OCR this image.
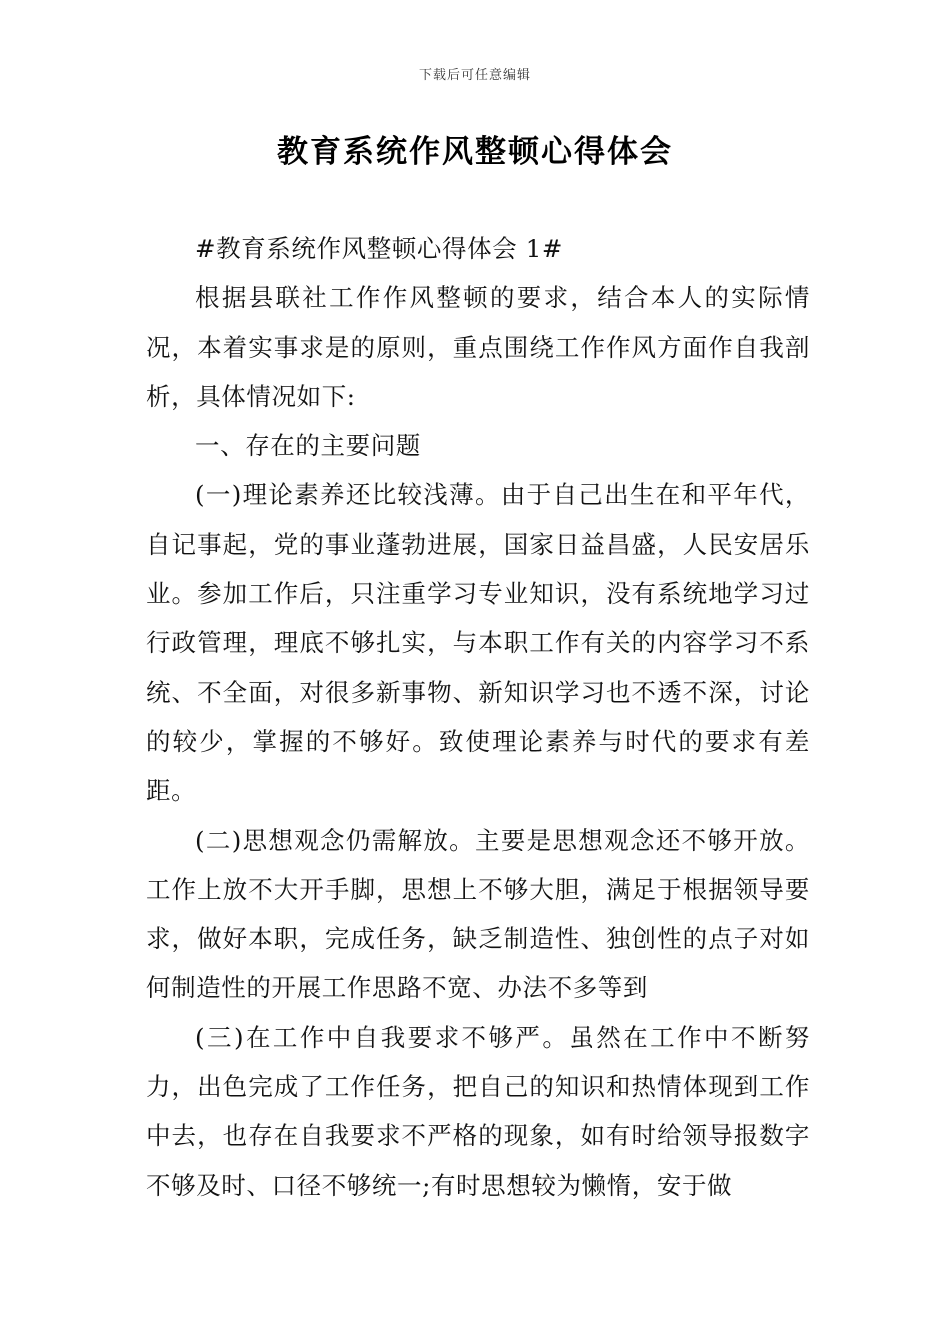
下载后可任意编辑
教育系统作风整顿心得体会

#教育系统作风整顿心得体会 1#

根据县联社工作作风整顿的要求，结合本人的实际情况，本着实事求是的原则，重点围绕工作作风方面作自我剖析，具体情况如下:

一、存在的主要问题

(一)理论素养还比较浅薄。由于自己出生在和平年代，自记事起，党的事业蓬勃进展，国家日益昌盛，人民安居乐业。参加工作后，只注重学习专业知识，没有系统地学习过行政管理，理底不够扎实，与本职工作有关的内容学习不系统、不全面，对很多新事物、新知识学习也不透不深，讨论的较少，掌握的不够好。致使理论素养与时代的要求有差距。

(二)思想观念仍需解放。主要是思想观念还不够开放。工作上放不大开手脚，思想上不够大胆，满足于根据领导要求，做好本职，完成任务，缺乏制造性、独创性的点子对如何制造性的开展工作思路不宽、办法不多等到

(三)在工作中自我要求不够严。虽然在工作中不断努力，出色完成了工作任务，把自己的知识和热情体现到工作中去，也存在自我要求不严格的现象，如有时给领导报数字不够及时、口径不够统一;有时思想较为懒惰，安于做
